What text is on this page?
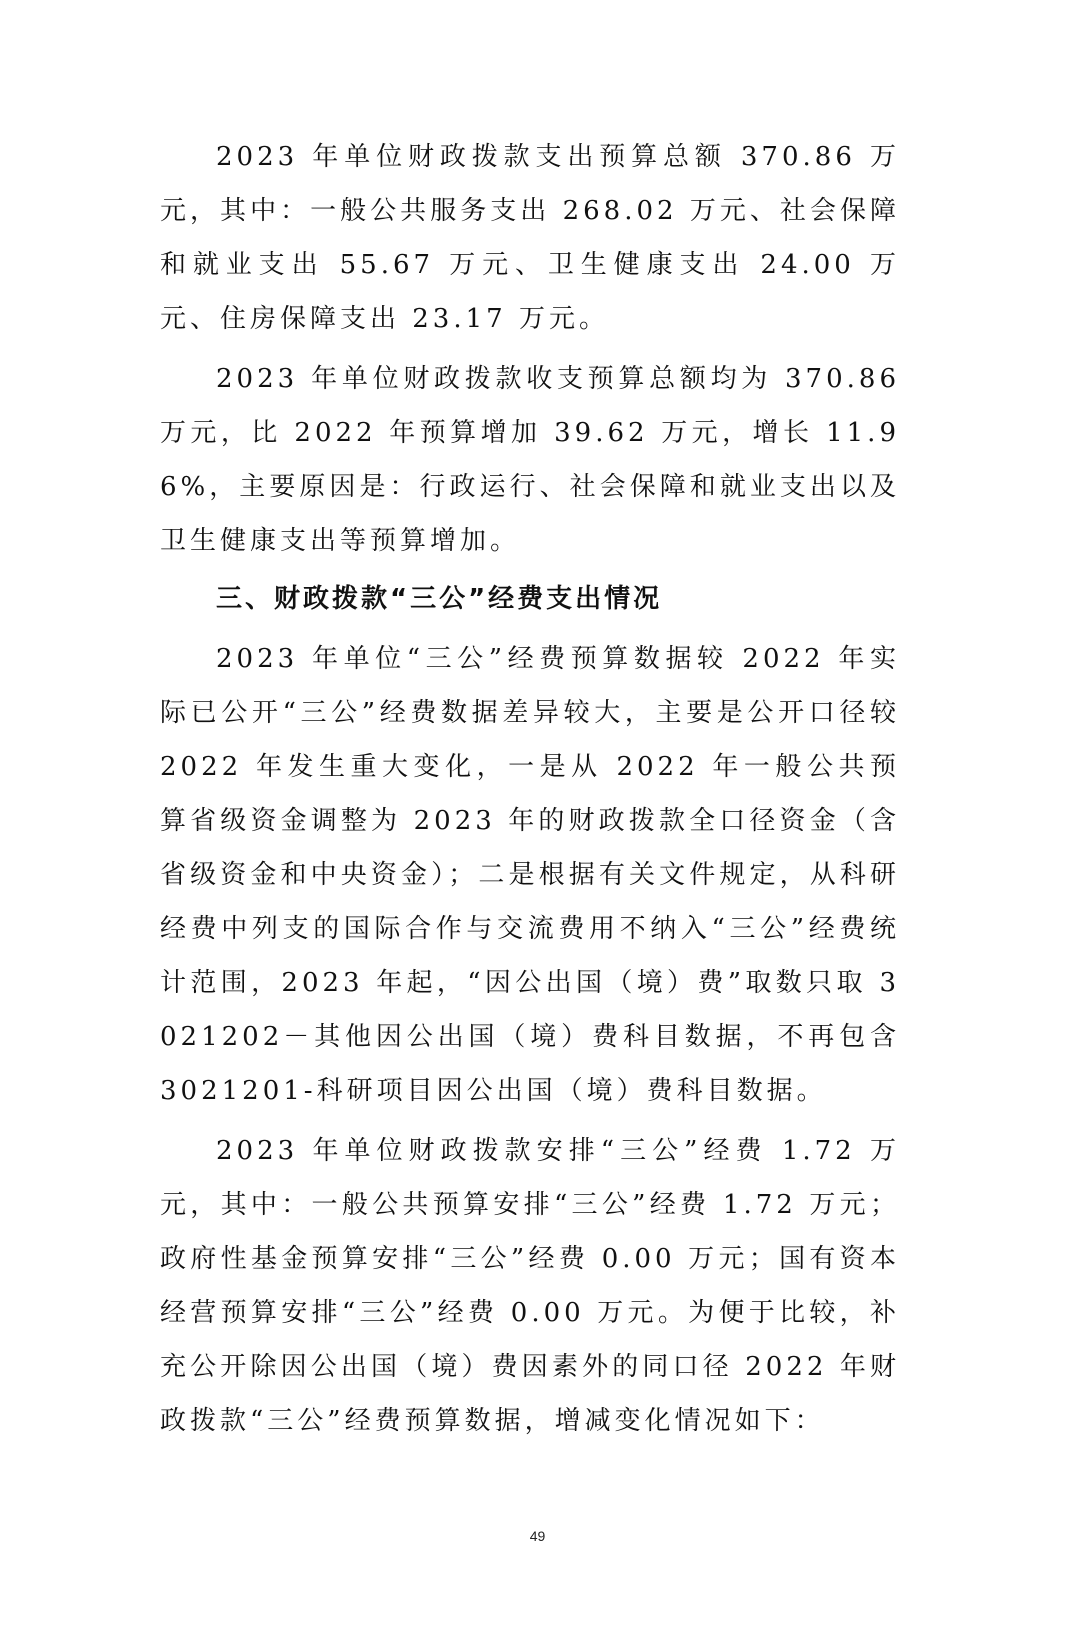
2023 年单位财政拨款支出预算总额 370.86 万元，其中：一般公共服务支出 268.02 万元、社会保障和就业支出 55.67 万元、卫生健康支出 24.00 万元、住房保障支出 23.17 万元。

2023 年单位财政拨款收支预算总额均为 370.86 万元，比 2022 年预算增加 39.62 万元，增长 11.96%，主要原因是：行政运行、社会保障和就业支出以及卫生健康支出等预算增加。

三、财政拨款“三公”经费支出情况

2023 年单位“三公”经费预算数据较 2022 年实际已公开“三公”经费数据差异较大，主要是公开口径较 2022 年发生重大变化，一是从 2022 年一般公共预算省级资金调整为 2023 年的财政拨款全口径资金（含省级资金和中央资金）；二是根据有关文件规定，从科研经费中列支的国际合作与交流费用不纳入“三公”经费统计范围，2023 年起，“因公出国（境）费”取数只取 3021202－其他因公出国（境）费科目数据，不再包含 3021201-科研项目因公出国（境）费科目数据。

2023 年单位财政拨款安排“三公”经费 1.72 万元，其中：一般公共预算安排“三公”经费 1.72 万元；政府性基金预算安排“三公”经费 0.00 万元；国有资本经营预算安排“三公”经费 0.00 万元。为便于比较，补充公开除因公出国（境）费因素外的同口径 2022 年财政拨款“三公”经费预算数据，增减变化情况如下：

49
